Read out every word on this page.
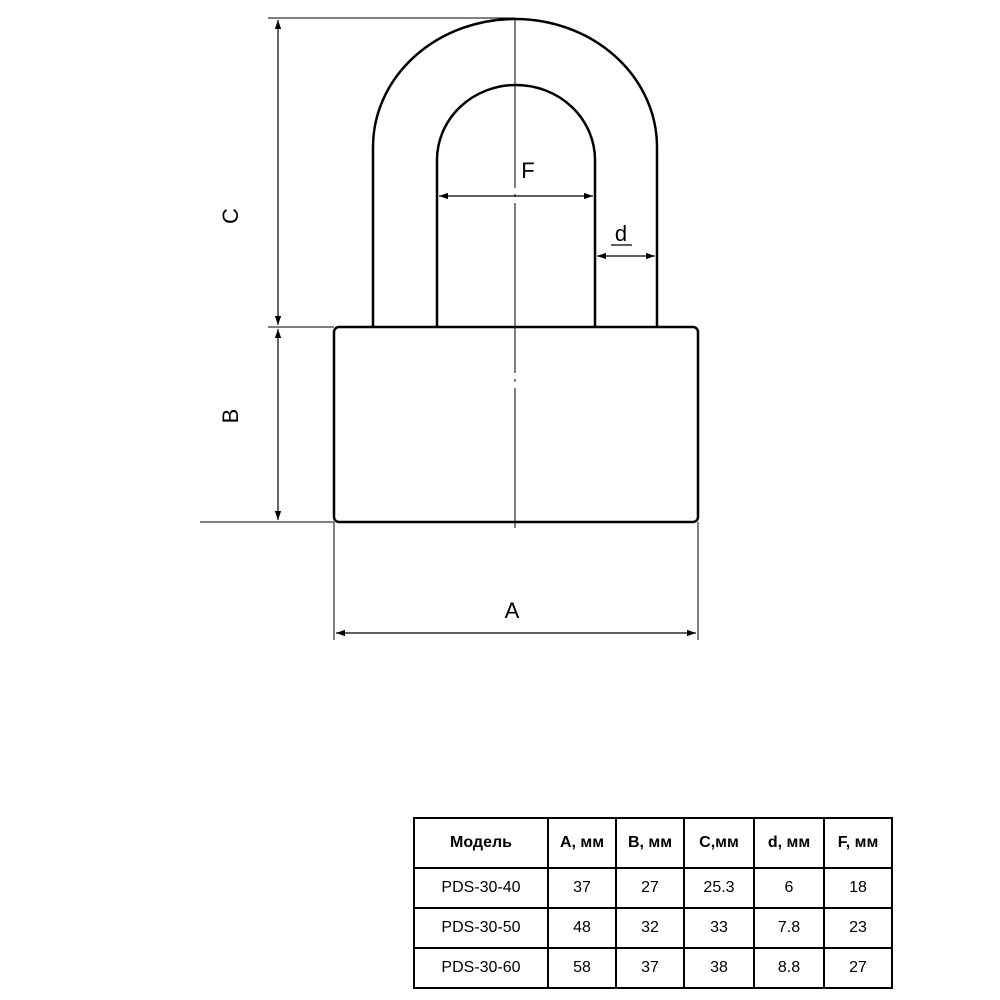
C
B
A
F
d
Модель	A, мм	B, мм	C,мм	d, мм	F, мм
PDS-30-40	37	27	25.3	6	18
PDS-30-50	48	32	33	7.8	23
PDS-30-60	58	37	38	8.8	27
